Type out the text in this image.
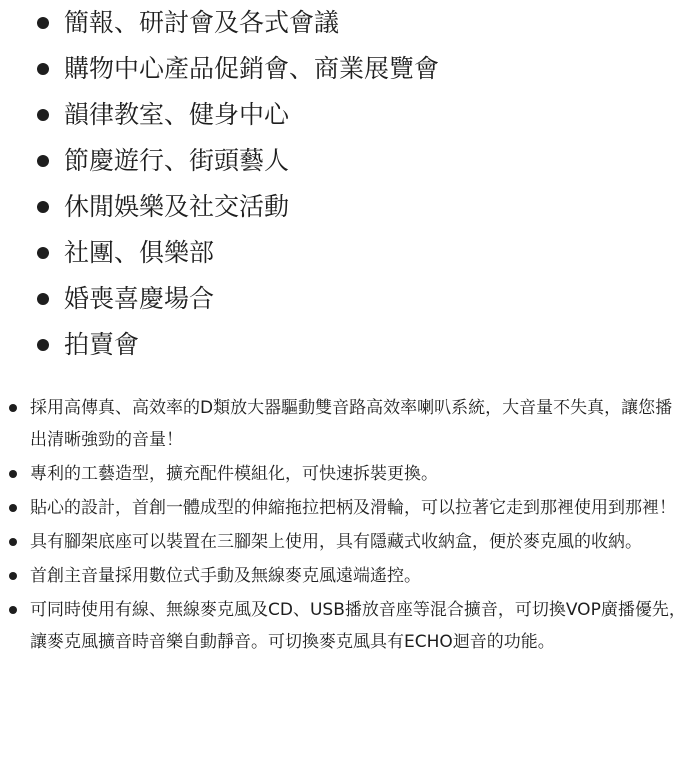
簡報、研討會及各式會議
購物中心產品促銷會、商業展覽會
韻律教室、健身中心
節慶遊行、街頭藝人
休閒娛樂及社交活動
社團、俱樂部
婚喪喜慶場合
拍賣會
採用高傳真、高效率的D類放大器驅動雙音路高效率喇叭系統，大音量不失真，讓您播出清晰強勁的音量！
專利的工藝造型，擴充配件模組化，可快速拆裝更換。
貼心的設計，首創一體成型的伸縮拖拉把柄及滑輪，可以拉著它走到那裡使用到那裡！
具有腳架底座可以裝置在三腳架上使用，具有隱藏式收納盒，便於麥克風的收納。
首創主音量採用數位式手動及無線麥克風遠端遙控。
可同時使用有線、無線麥克風及CD、USB播放音座等混合擴音，可切換VOP廣播優先，讓麥克風擴音時音樂自動靜音。可切換麥克風具有ECHO迴音的功能。
